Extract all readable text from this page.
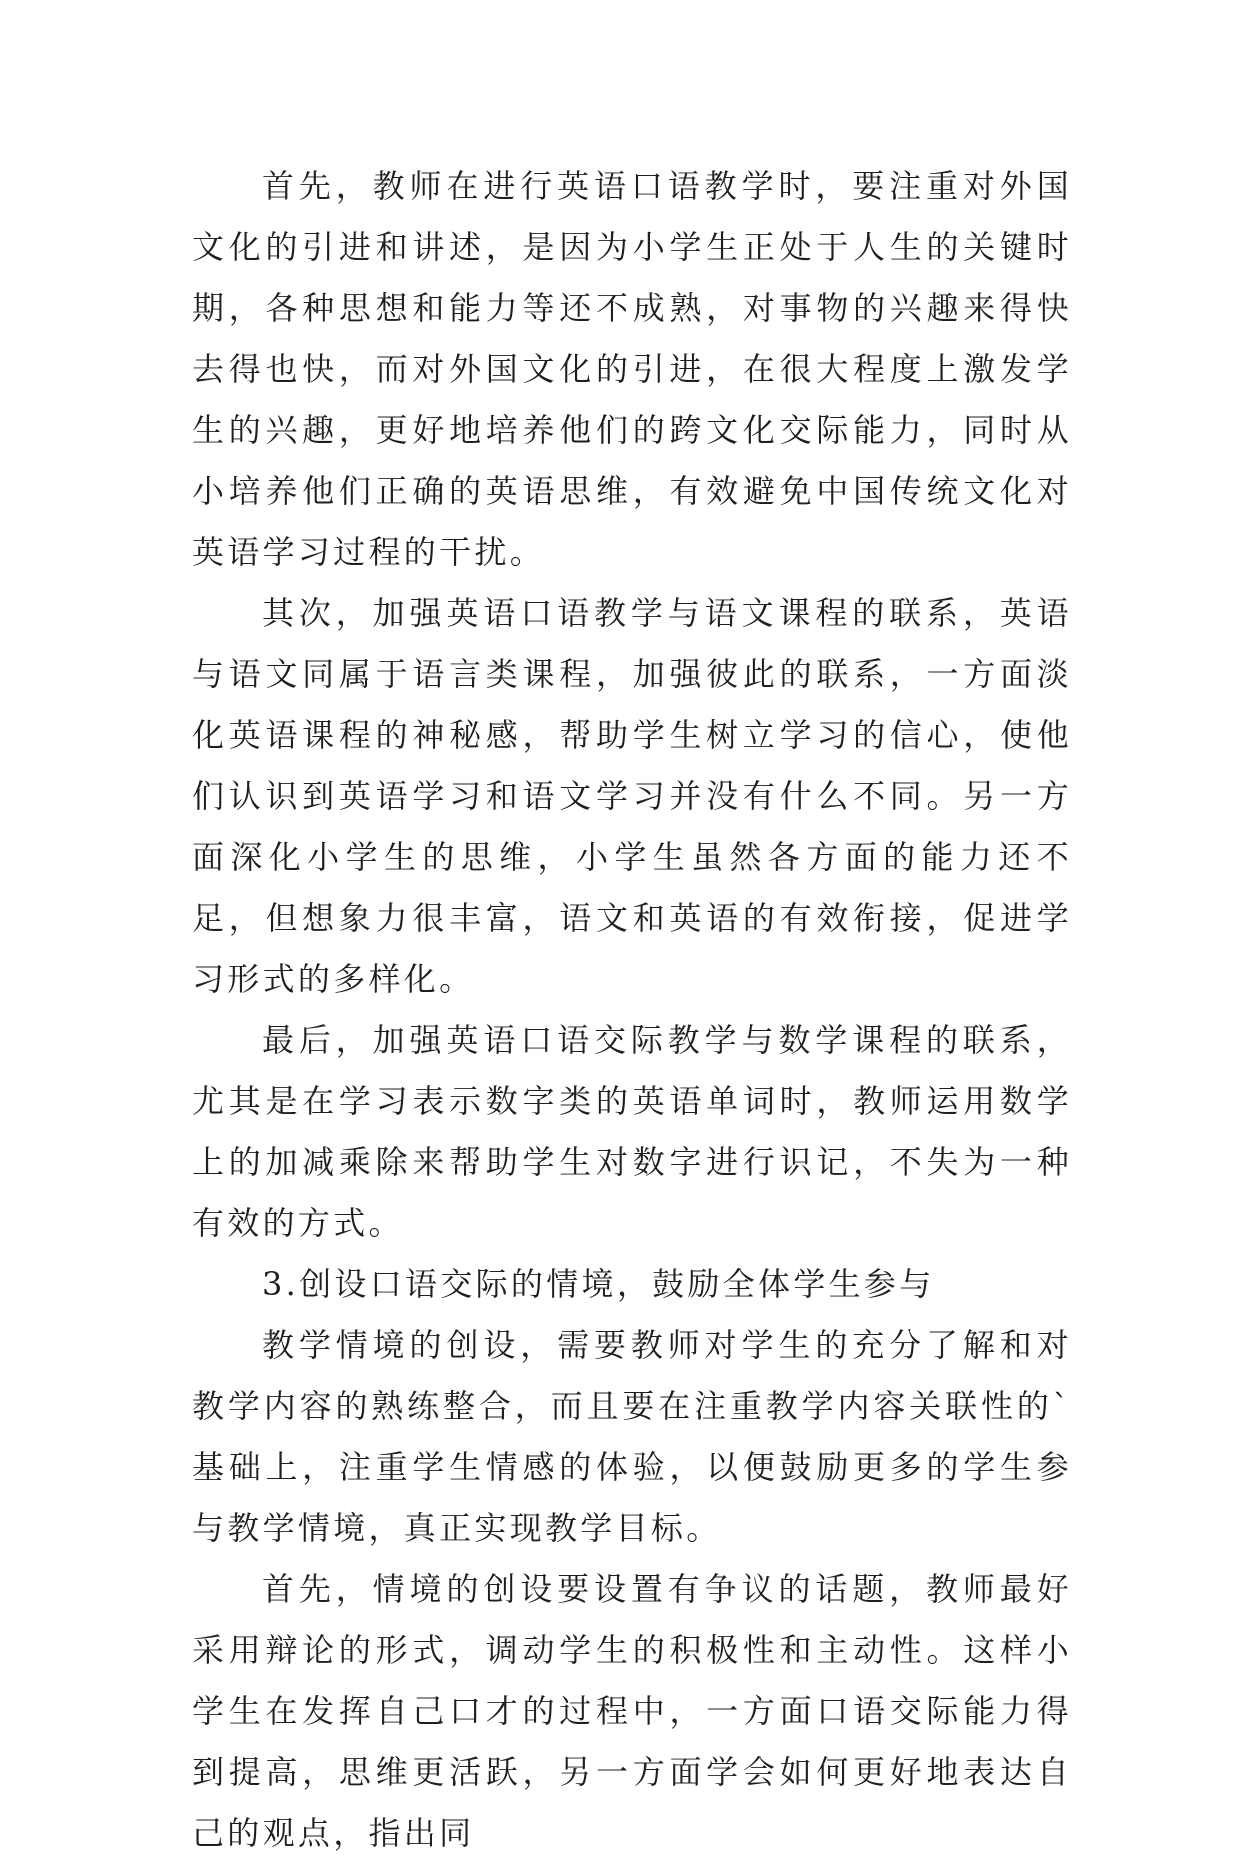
首先，教师在进行英语口语教学时，要注重对外国文化的引进和讲述，是因为小学生正处于人生的关键时期，各种思想和能力等还不成熟，对事物的兴趣来得快去得也快，而对外国文化的引进，在很大程度上激发学生的兴趣，更好地培养他们的跨文化交际能力，同时从小培养他们正确的英语思维，有效避免中国传统文化对英语学习过程的干扰。

其次，加强英语口语教学与语文课程的联系，英语与语文同属于语言类课程，加强彼此的联系，一方面淡化英语课程的神秘感，帮助学生树立学习的信心，使他们认识到英语学习和语文学习并没有什么不同。另一方面深化小学生的思维，小学生虽然各方面的能力还不足，但想象力很丰富，语文和英语的有效衔接，促进学习形式的多样化。

最后，加强英语口语交际教学与数学课程的联系，尤其是在学习表示数字类的英语单词时，教师运用数学上的加减乘除来帮助学生对数字进行识记，不失为一种有效的方式。

3.创设口语交际的情境，鼓励全体学生参与

教学情境的创设，需要教师对学生的充分了解和对教学内容的熟练整合，而且要在注重教学内容关联性的`基础上，注重学生情感的体验，以便鼓励更多的学生参与教学情境，真正实现教学目标。

首先，情境的创设要设置有争议的话题，教师最好采用辩论的形式，调动学生的积极性和主动性。这样小学生在发挥自己口才的过程中，一方面口语交际能力得到提高，思维更活跃，另一方面学会如何更好地表达自己的观点，指出同
